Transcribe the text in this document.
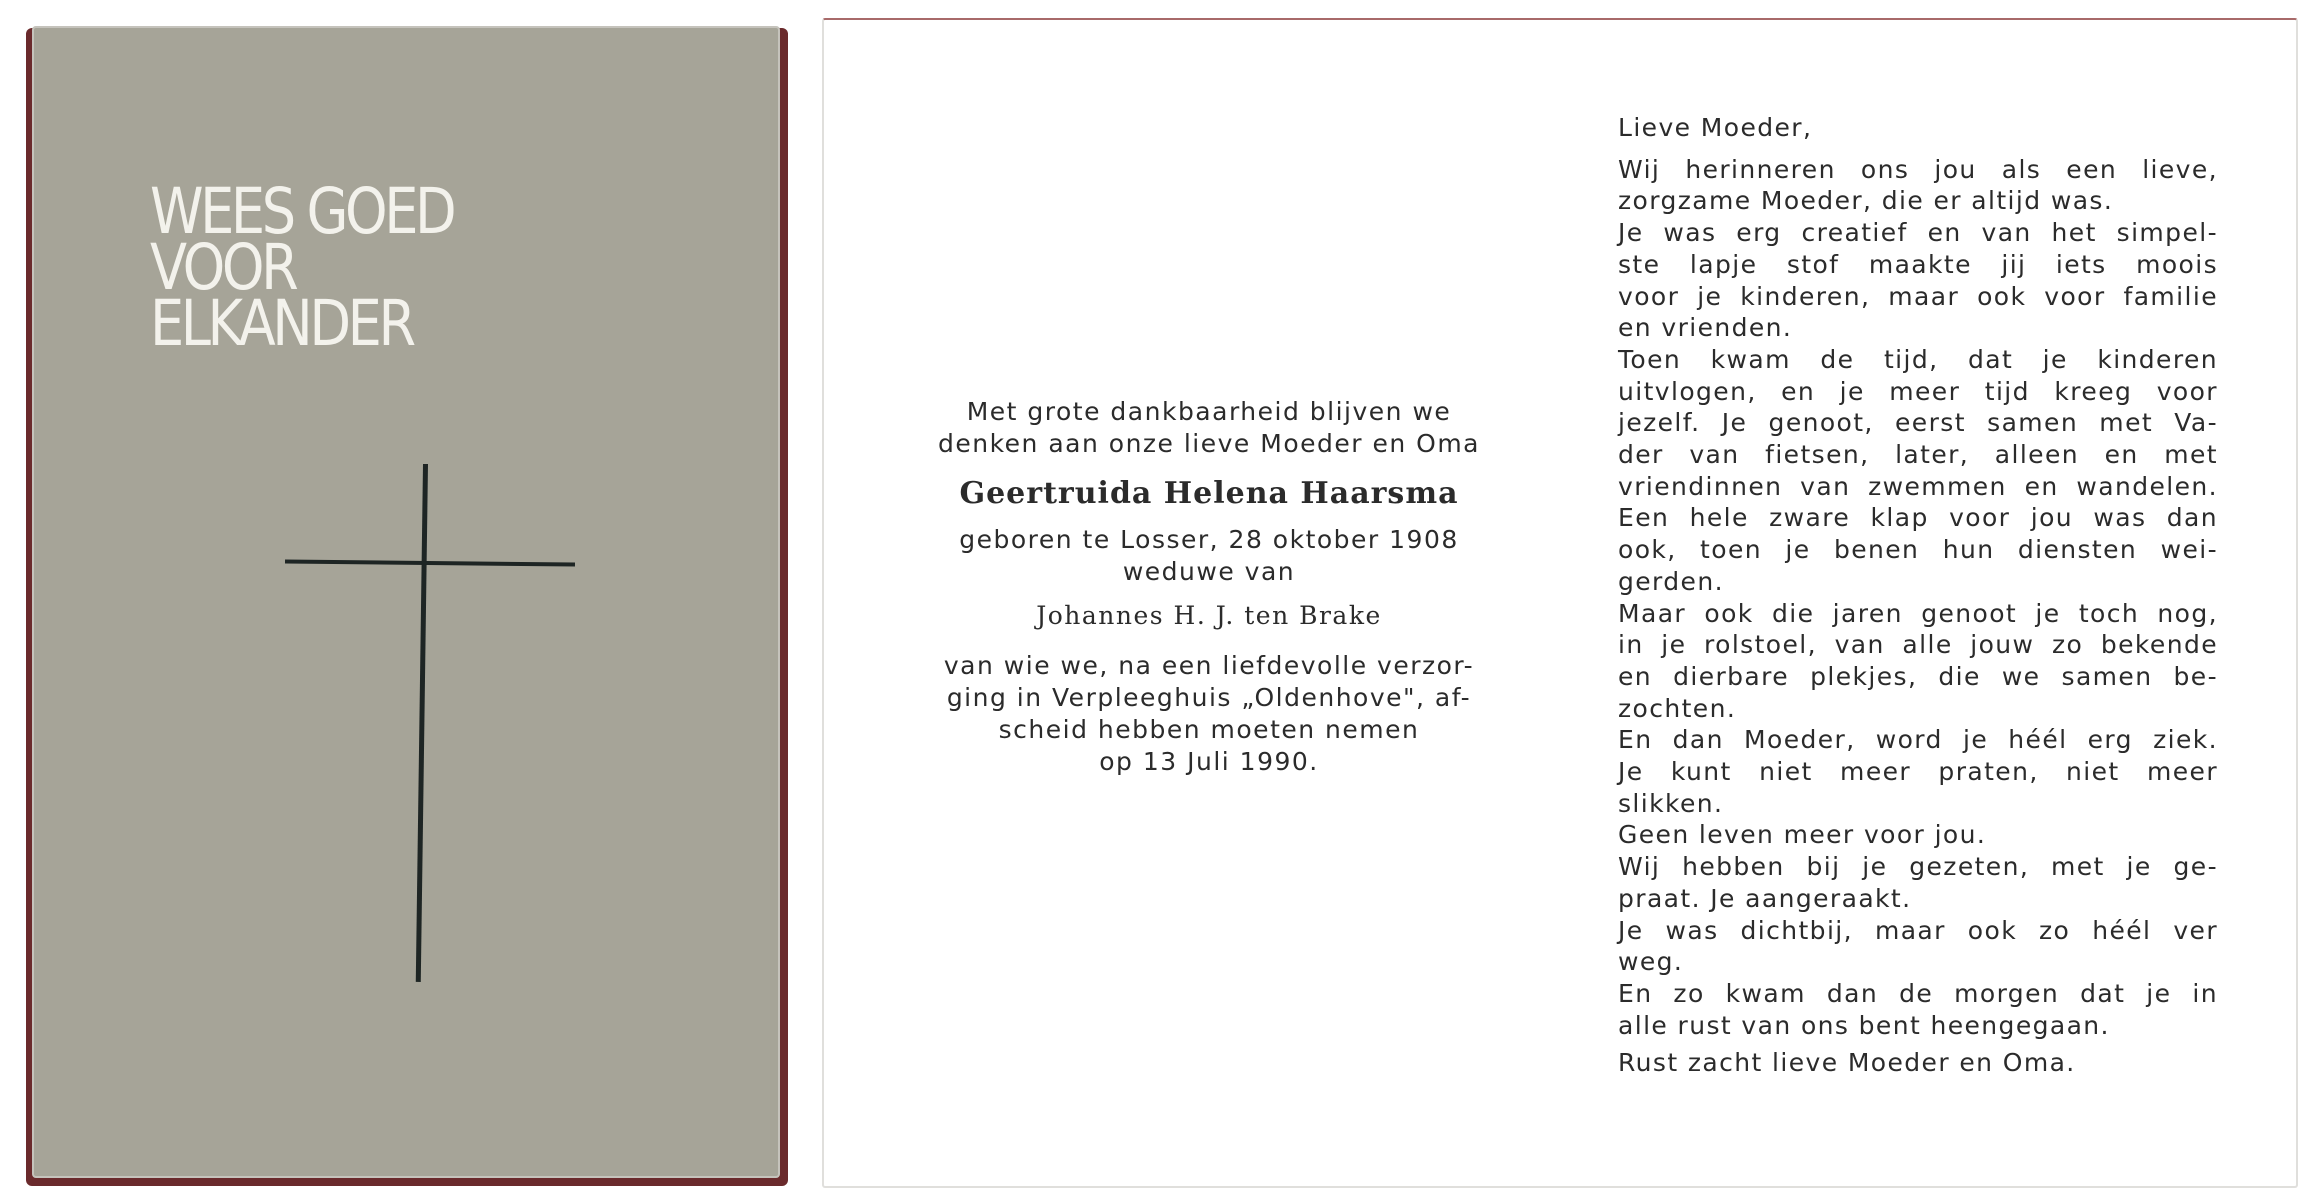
WEES GOED
VOOR
ELKANDER

Met grote dankbaarheid blijven we

denken aan onze lieve Moeder en Oma

Geertruida Helena Haarsma

geboren te Losser, 28 oktober 1908

weduwe van

Johannes H. J. ten Brake

van wie we, na een liefdevolle verzor-

ging in Verpleeghuis „Oldenhove", af-

scheid hebben moeten nemen

op 13 Juli 1990.

Lieve Moeder,

Wij herinneren ons jou als een lieve,

zorgzame Moeder, die er altijd was.

Je was erg creatief en van het simpel-

ste lapje stof maakte jij iets moois

voor je kinderen, maar ook voor familie

en vrienden.

Toen kwam de tijd, dat je kinderen

uitvlogen, en je meer tijd kreeg voor

jezelf. Je genoot, eerst samen met Va-

der van fietsen, later, alleen en met

vriendinnen van zwemmen en wandelen.

Een hele zware klap voor jou was dan

ook, toen je benen hun diensten wei-

gerden.

Maar ook die jaren genoot je toch nog,

in je rolstoel, van alle jouw zo bekende

en dierbare plekjes, die we samen be-

zochten.

En dan Moeder, word je héél erg ziek.

Je kunt niet meer praten, niet meer

slikken.

Geen leven meer voor jou.

Wij hebben bij je gezeten, met je ge-

praat. Je aangeraakt.

Je was dichtbij, maar ook zo héél ver

weg.

En zo kwam dan de morgen dat je in

alle rust van ons bent heengegaan.

Rust zacht lieve Moeder en Oma.
